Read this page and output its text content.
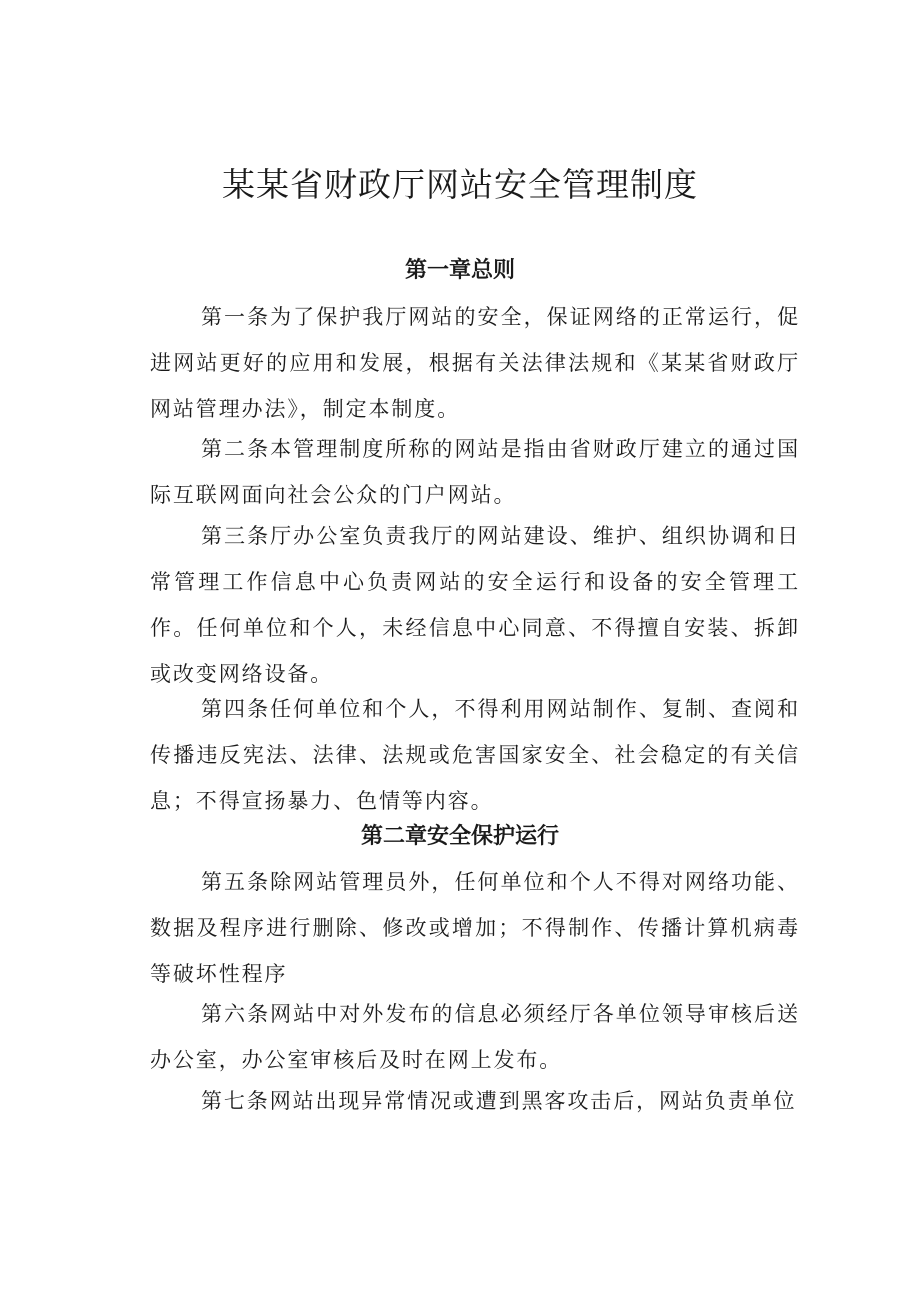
某某省财政厅网站安全管理制度
第一章总则

第一条为了保护我厅网站的安全，保证网络的正常运行，促进网站更好的应用和发展，根据有关法律法规和《某某省财政厅网站管理办法》，制定本制度。

第二条本管理制度所称的网站是指由省财政厅建立的通过国际互联网面向社会公众的门户网站。

第三条厅办公室负责我厅的网站建设、维护、组织协调和日常管理工作信息中心负责网站的安全运行和设备的安全管理工作。任何单位和个人，未经信息中心同意、不得擅自安装、拆卸或改变网络设备。

第四条任何单位和个人，不得利用网站制作、复制、查阅和传播违反宪法、法律、法规或危害国家安全、社会稳定的有关信息；不得宣扬暴力、色情等内容。

第二章安全保护运行

第五条除网站管理员外，任何单位和个人不得对网络功能、数据及程序进行删除、修改或增加；不得制作、传播计算机病毒等破坏性程序

第六条网站中对外发布的信息必须经厅各单位领导审核后送办公室，办公室审核后及时在网上发布。

第七条网站出现异常情况或遭到黑客攻击后，网站负责单位
